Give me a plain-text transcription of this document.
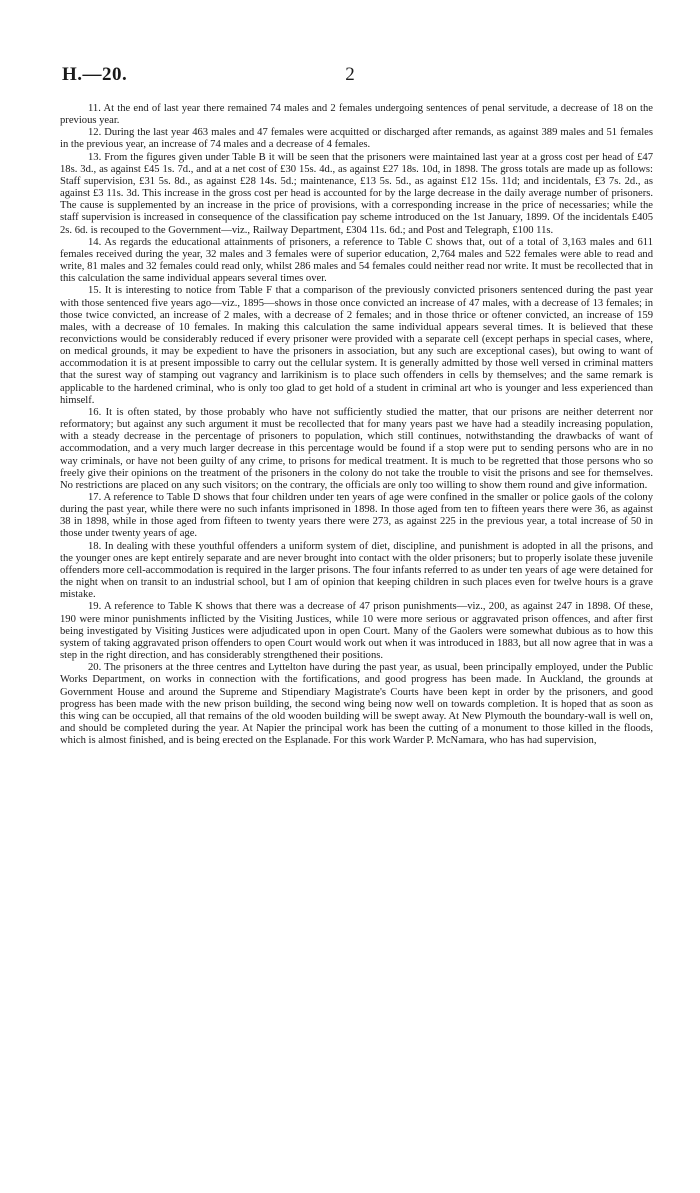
H.—20.	2

11. At the end of last year there remained 74 males and 2 females undergoing sentences of penal servitude, a decrease of 18 on the previous year.

12. During the last year 463 males and 47 females were acquitted or discharged after remands, as against 389 males and 51 females in the previous year, an increase of 74 males and a decrease of 4 females.

13. From the figures given under Table B it will be seen that the prisoners were maintained last year at a gross cost per head of £47 18s. 3d., as against £45 1s. 7d., and at a net cost of £30 15s. 4d., as against £27 18s. 10d, in 1898. The gross totals are made up as follows: Staff supervision, £31 5s. 8d., as against £28 14s. 5d.; maintenance, £13 5s. 5d., as against £12 15s. 11d; and incidentals, £3 7s. 2d., as against £3 11s. 3d. This increase in the gross cost per head is accounted for by the large decrease in the daily average number of prisoners. The cause is supplemented by an increase in the price of provisions, with a corresponding increase in the price of necessaries; while the staff supervision is increased in consequence of the classification pay scheme introduced on the 1st January, 1899. Of the incidentals £405 2s. 6d. is recouped to the Government—viz., Railway Department, £304 11s. 6d.; and Post and Telegraph, £100 11s.

14. As regards the educational attainments of prisoners, a reference to Table C shows that, out of a total of 3,163 males and 611 females received during the year, 32 males and 3 females were of superior education, 2,764 males and 522 females were able to read and write, 81 males and 32 females could read only, whilst 286 males and 54 females could neither read nor write. It must be recollected that in this calculation the same individual appears several times over.

15. It is interesting to notice from Table F that a comparison of the previously convicted prisoners sentenced during the past year with those sentenced five years ago—viz., 1895—shows in those once convicted an increase of 47 males, with a decrease of 13 females; in those twice convicted, an increase of 2 males, with a decrease of 2 females; and in those thrice or oftener convicted, an increase of 159 males, with a decrease of 10 females. In making this calculation the same individual appears several times. It is believed that these reconvictions would be considerably reduced if every prisoner were provided with a separate cell (except perhaps in special cases, where, on medical grounds, it may be expedient to have the prisoners in association, but any such are exceptional cases), but owing to want of accommodation it is at present impossible to carry out the cellular system. It is generally admitted by those well versed in criminal matters that the surest way of stamping out vagrancy and larrikinism is to place such offenders in cells by themselves; and the same remark is applicable to the hardened criminal, who is only too glad to get hold of a student in criminal art who is younger and less experienced than himself.

16. It is often stated, by those probably who have not sufficiently studied the matter, that our prisons are neither deterrent nor reformatory; but against any such argument it must be recollected that for many years past we have had a steadily increasing population, with a steady decrease in the percentage of prisoners to population, which still continues, notwithstanding the drawbacks of want of accommodation, and a very much larger decrease in this percentage would be found if a stop were put to sending persons who are in no way criminals, or have not been guilty of any crime, to prisons for medical treatment. It is much to be regretted that those persons who so freely give their opinions on the treatment of the prisoners in the colony do not take the trouble to visit the prisons and see for themselves. No restrictions are placed on any such visitors; on the contrary, the officials are only too willing to show them round and give information.

17. A reference to Table D shows that four children under ten years of age were confined in the smaller or police gaols of the colony during the past year, while there were no such infants imprisoned in 1898. In those aged from ten to fifteen years there were 36, as against 38 in 1898, while in those aged from fifteen to twenty years there were 273, as against 225 in the previous year, a total increase of 50 in those under twenty years of age.

18. In dealing with these youthful offenders a uniform system of diet, discipline, and punishment is adopted in all the prisons, and the younger ones are kept entirely separate and are never brought into contact with the older prisoners; but to properly isolate these juvenile offenders more cell-accommodation is required in the larger prisons. The four infants referred to as under ten years of age were detained for the night when on transit to an industrial school, but I am of opinion that keeping children in such places even for twelve hours is a grave mistake.

19. A reference to Table K shows that there was a decrease of 47 prison punishments—viz., 200, as against 247 in 1898. Of these, 190 were minor punishments inflicted by the Visiting Justices, while 10 were more serious or aggravated prison offences, and after first being investigated by Visiting Justices were adjudicated upon in open Court. Many of the Gaolers were somewhat dubious as to how this system of taking aggravated prison offenders to open Court would work out when it was introduced in 1883, but all now agree that in was a step in the right direction, and has considerably strengthened their positions.

20. The prisoners at the three centres and Lyttelton have during the past year, as usual, been principally employed, under the Public Works Department, on works in connection with the fortifications, and good progress has been made. In Auckland, the grounds at Government House and around the Supreme and Stipendiary Magistrate's Courts have been kept in order by the prisoners, and good progress has been made with the new prison building, the second wing being now well on towards completion. It is hoped that as soon as this wing can be occupied, all that remains of the old wooden building will be swept away. At New Plymouth the boundary-wall is well on, and should be completed during the year. At Napier the principal work has been the cutting of a monument to those killed in the floods, which is almost finished, and is being erected on the Esplanade. For this work Warder P. McNamara, who has had supervision,
